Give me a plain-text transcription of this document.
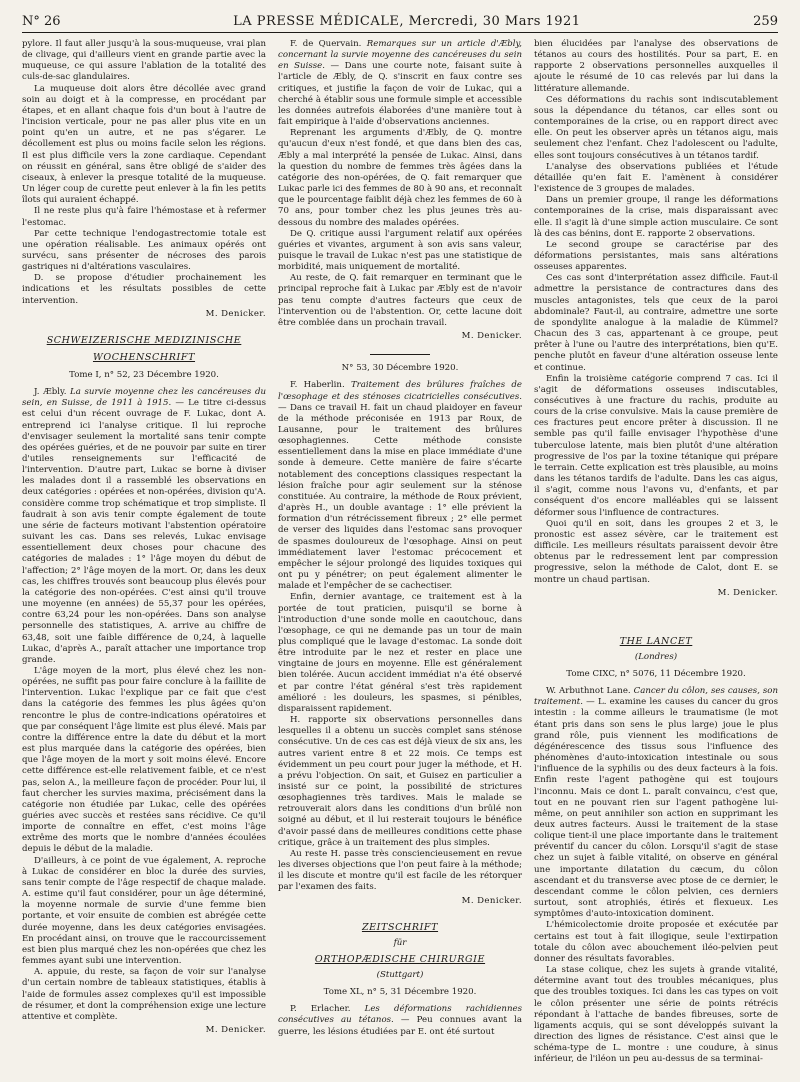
N° 26	LA PRESSE MÉDICALE, Mercredi, 30 Mars 1921	259

pylore. Il faut aller jusqu'à la sous-muqueuse, vrai plan de clivage, qui d'ailleurs vient en grande partie avec la muqueuse, ce qui assure l'ablation de la totalité des culs-de-sac glandulaires.

La muqueuse doit alors être décollée avec grand soin au doigt et à la compresse, en procédant par étapes, et en allant chaque fois d'un bout à l'autre de l'incision verticale, pour ne pas aller plus vite en un point qu'en un autre, et ne pas s'égarer. Le décollement est plus ou moins facile selon les régions. Il est plus difficile vers la zone cardiaque. Cependant on réussit en général, sans être obligé de s'aider des ciseaux, à enlever la presque totalité de la muqueuse. Un léger coup de curette peut enlever à la fin les petits îlots qui auraient échappé.

Il ne reste plus qu'à faire l'hémostase et à refermer l'estomac.

Par cette technique l'endogastrectomie totale est une opération réalisable. Les animaux opérés ont survécu, sans présenter de nécroses des parois gastriques ni d'altérations vasculaires.

D. se propose d'étudier prochainement les indications et les résultats possibles de cette intervention.

M. Denicker.
SCHWEIZERISCHE MEDIZINISCHE
WOCHENSCHRIFT
Tome I, n° 52, 23 Décembre 1920.

J. Æbly. La survie moyenne chez les cancéreuses du sein, en Suisse, de 1911 à 1915. — Le titre ci-dessus est celui d'un récent ouvrage de F. Lukac, dont A. entreprend ici l'analyse critique. Il lui reproche d'envisager seulement la mortalité sans tenir compte des opérées guéries, et de ne pouvoir par suite en tirer d'utiles renseignements sur l'efficacité de l'intervention. D'autre part, Lukac se borne à diviser les malades dont il a rassemblé les observations en deux catégories : opérées et non-opérées, division qu'A. considère comme trop schématique et trop simpliste. Il faudrait à son avis tenir compte également de toute une série de facteurs motivant l'abstention opératoire suivant les cas. Dans ses relevés, Lukac envisage essentiellement deux choses pour chacune des catégories de malades : 1° l'âge moyen du début de l'affection; 2° l'âge moyen de la mort. Or, dans les deux cas, les chiffres trouvés sont beaucoup plus élevés pour la catégorie des non-opérées. C'est ainsi qu'il trouve une moyenne (en années) de 55,37 pour les opérées, contre 63,24 pour les non-opérées. Dans son analyse personnelle des statistiques, A. arrive au chiffre de 63,48, soit une faible différence de 0,24, à laquelle Lukac, d'après A., paraît attacher une importance trop grande.

L'âge moyen de la mort, plus élevé chez les non-opérées, ne suffit pas pour faire conclure à la faillite de l'intervention. Lukac l'explique par ce fait que c'est dans la catégorie des femmes les plus âgées qu'on rencontre le plus de contre-indications opératoires et que par conséquent l'âge limite est plus élevé. Mais par contre la différence entre la date du début et la mort est plus marquée dans la catégorie des opérées, bien que l'âge moyen de la mort y soit moins élevé. Encore cette différence est-elle relativement faible, et ce n'est pas, selon A., la meilleure façon de procéder. Pour lui, il faut chercher les survies maxima, précisément dans la catégorie non étudiée par Lukac, celle des opérées guéries avec succès et restées sans récidive. Ce qu'il importe de connaître en effet, c'est moins l'âge extrême des morts que le nombre d'années écoulées depuis le début de la maladie.

D'ailleurs, à ce point de vue également, A. reproche à Lukac de considérer en bloc la durée des survies, sans tenir compte de l'âge respectif de chaque malade. A. estime qu'il faut considérer, pour un âge déterminé, la moyenne normale de survie d'une femme bien portante, et voir ensuite de combien est abrégée cette durée moyenne, dans les deux catégories envisagées. En procédant ainsi, on trouve que le raccourcissement est bien plus marqué chez les non-opérées que chez les femmes ayant subi une intervention.

A. appuie, du reste, sa façon de voir sur l'analyse d'un certain nombre de tableaux statistiques, établis à l'aide de formules assez complexes qu'il est impossible de résumer, et dont la compréhension exige une lecture attentive et complète.

M. Denicker.

F. de Quervain. Remarques sur un article d'Æbly, concernant la survie moyenne des cancéreuses du sein en Suisse. — Dans une courte note, faisant suite à l'article de Æbly, de Q. s'inscrit en faux contre ses critiques, et justifie la façon de voir de Lukac, qui a cherché à établir sous une formule simple et accessible les données autrefois élaborées d'une manière tout à fait empirique à l'aide d'observations anciennes.

Reprenant les arguments d'Æbly, de Q. montre qu'aucun d'eux n'est fondé, et que dans bien des cas, Æbly a mal interprété la pensée de Lukac. Ainsi, dans la question du nombre de femmes très âgées dans la catégorie des non-opérées, de Q. fait remarquer que Lukac parle ici des femmes de 80 à 90 ans, et reconnaît que le pourcentage faiblit déjà chez les femmes de 60 à 70 ans, pour tomber chez les plus jeunes très au-dessous du nombre des malades opérées.

De Q. critique aussi l'argument relatif aux opérées guéries et vivantes, argument à son avis sans valeur, puisque le travail de Lukac n'est pas une statistique de morbidité, mais uniquement de mortalité.

Au reste, de Q. fait remarquer en terminant que le principal reproche fait à Lukac par Æbly est de n'avoir pas tenu compte d'autres facteurs que ceux de l'intervention ou de l'abstention. Or, cette lacune doit être comblée dans un prochain travail.

M. Denicker.
N° 53, 30 Décembre 1920.

F. Haberlin. Traitement des brûlures fraîches de l'œsophage et des sténoses cicatricielles consécutives. — Dans ce travail H. fait un chaud plaidoyer en faveur de la méthode préconisée en 1913 par Roux, de Lausanne, pour le traitement des brûlures œsophagiennes. Cette méthode consiste essentiellement dans la mise en place immédiate d'une sonde à demeure. Cette manière de faire s'écarte notablement des conceptions classiques respectant la lésion fraîche pour agir seulement sur la sténose constituée. Au contraire, la méthode de Roux prévient, d'après H., un double avantage : 1° elle prévient la formation d'un rétrécissement fibreux ; 2° elle permet de verser des liquides dans l'estomac sans provoquer de spasmes douloureux de l'œsophage. Ainsi on peut immédiatement laver l'estomac précocement et empêcher le séjour prolongé des liquides toxiques qui ont pu y pénétrer; on peut également alimenter le malade et l'empêcher de se cachectiser.

Enfin, dernier avantage, ce traitement est à la portée de tout praticien, puisqu'il se borne à l'introduction d'une sonde molle en caoutchouc, dans l'œsophage, ce qui ne demande pas un tour de main plus compliqué que le lavage d'estomac. La sonde doit être introduite par le nez et rester en place une vingtaine de jours en moyenne. Elle est généralement bien tolérée. Aucun accident immédiat n'a été observé et par contre l'état général s'est très rapidement amélioré : les douleurs, les spasmes, si pénibles, disparaissent rapidement.

H. rapporte six observations personnelles dans lesquelles il a obtenu un succès complet sans sténose consécutive. Un de ces cas est déjà vieux de six ans, les autres varient entre 8 et 22 mois. Ce temps est évidemment un peu court pour juger la méthode, et H. a prévu l'objection. On sait, et Guisez en particulier a insisté sur ce point, la possibilité de strictures œsophagiennes très tardives. Mais le malade se retrouverait alors dans les conditions d'un brûlé non soigné au début, et il lui resterait toujours le bénéfice d'avoir passé dans de meilleures conditions cette phase critique, grâce à un traitement des plus simples.

Au reste H. passe très consciencieusement en revue les diverses objections que l'on peut faire à la méthode; il les discute et montre qu'il est facile de les rétorquer par l'examen des faits.

M. Denicker.
ZEITSCHRIFT
für
ORTHOPÆDISCHE CHIRURGIE
(Stuttgart)
Tome XL, n° 5, 31 Décembre 1920.

P. Erlacher. Les déformations rachidiennes consécutives au tétanos. — Peu connues avant la guerre, les lésions étudiées par E. ont été surtout

bien élucidées par l'analyse des observations de tétanos au cours des hostilités. Pour sa part, E. en rapporte 2 observations personnelles auxquelles il ajoute le résumé de 10 cas relevés par lui dans la littérature allemande.

Ces déformations du rachis sont indiscutablement sous la dépendance du tétanos, car elles sont ou contemporaines de la crise, ou en rapport direct avec elle. On peut les observer après un tétanos aigu, mais seulement chez l'enfant. Chez l'adolescent ou l'adulte, elles sont toujours consécutives à un tétanos tardif.

L'analyse des observations publiées et l'étude détaillée qu'en fait E. l'amènent à considérer l'existence de 3 groupes de malades.

Dans un premier groupe, il range les déformations contemporaines de la crise, mais disparaissant avec elle. Il s'agit là d'une simple action musculaire. Ce sont là des cas bénins, dont E. rapporte 2 observations.

Le second groupe se caractérise par des déformations persistantes, mais sans altérations osseuses apparentes.

Ces cas sont d'interprétation assez difficile. Faut-il admettre la persistance de contractures dans des muscles antagonistes, tels que ceux de la paroi abdominale? Faut-il, au contraire, admettre une sorte de spondylite analogue à la maladie de Kümmel? Chacun des 3 cas, appartenant à ce groupe, peut prêter à l'une ou l'autre des interprétations, bien qu'E. penche plutôt en faveur d'une altération osseuse lente et continue.

Enfin la troisième catégorie comprend 7 cas. Ici il s'agit de déformations osseuses indiscutables, consécutives à une fracture du rachis, produite au cours de la crise convulsive. Mais la cause première de ces fractures peut encore prêter à discussion. Il ne semble pas qu'il faille envisager l'hypothèse d'une tuberculose latente, mais bien plutôt d'une altération progressive de l'os par la toxine tétanique qui prépare le terrain. Cette explication est très plausible, au moins dans les tétanos tardifs de l'adulte. Dans les cas aigus, il s'agit, comme nous l'avons vu, d'enfants, et par conséquent d'os encore malléables qui se laissent déformer sous l'influence de contractures.

Quoi qu'il en soit, dans les groupes 2 et 3, le pronostic est assez sévère, car le traitement est difficile. Les meilleurs résultats paraissent devoir être obtenus par le redressement lent par compression progressive, selon la méthode de Calot, dont E. se montre un chaud partisan.

M. Denicker.
THE LANCET
(Londres)
Tome CIXC, n° 5076, 11 Décembre 1920.

W. Arbuthnot Lane. Cancer du côlon, ses causes, son traitement. — L. examine les causes du cancer du gros intestin : la comme ailleurs le traumatisme (le mot étant pris dans son sens le plus large) joue le plus grand rôle, puis viennent les modifications de dégénérescence des tissus sous l'influence des phénomènes d'auto-intoxication intestinale ou sous l'influence de la syphilis ou des deux facteurs à la fois. Enfin reste l'agent pathogène qui est toujours l'inconnu. Mais ce dont L. paraît convaincu, c'est que, tout en ne pouvant rien sur l'agent pathogène lui-même, on peut annihiler son action en supprimant les deux autres facteurs. Aussi le traitement de la stase colique tient-il une place importante dans le traitement préventif du cancer du côlon. Lorsqu'il s'agit de stase chez un sujet à faible vitalité, on observe en général une importante dilatation du cæcum, du côlon ascendant et du transverse avec ptose de ce dernier, le descendant comme le côlon pelvien, ces derniers surtout, sont atrophiés, étirés et flexueux. Les symptômes d'auto-intoxication dominent.

L'hémicolectomie droite proposée et exécutée par certains est tout à fait illogique, seule l'extirpation totale du côlon avec abouchement iléo-pelvien peut donner des résultats favorables.

La stase colique, chez les sujets à grande vitalité, détermine avant tout des troubles mécaniques, plus que des troubles toxiques. Ici dans les cas types on voit le côlon présenter une série de points rétrécis répondant à l'attache de bandes fibreuses, sorte de ligaments acquis, qui se sont développés suivant la direction des lignes de résistance. C'est ainsi que le schéma-type de L. montre : une coudure, à sinus inférieur, de l'iléon un peu au-dessus de sa terminai-
